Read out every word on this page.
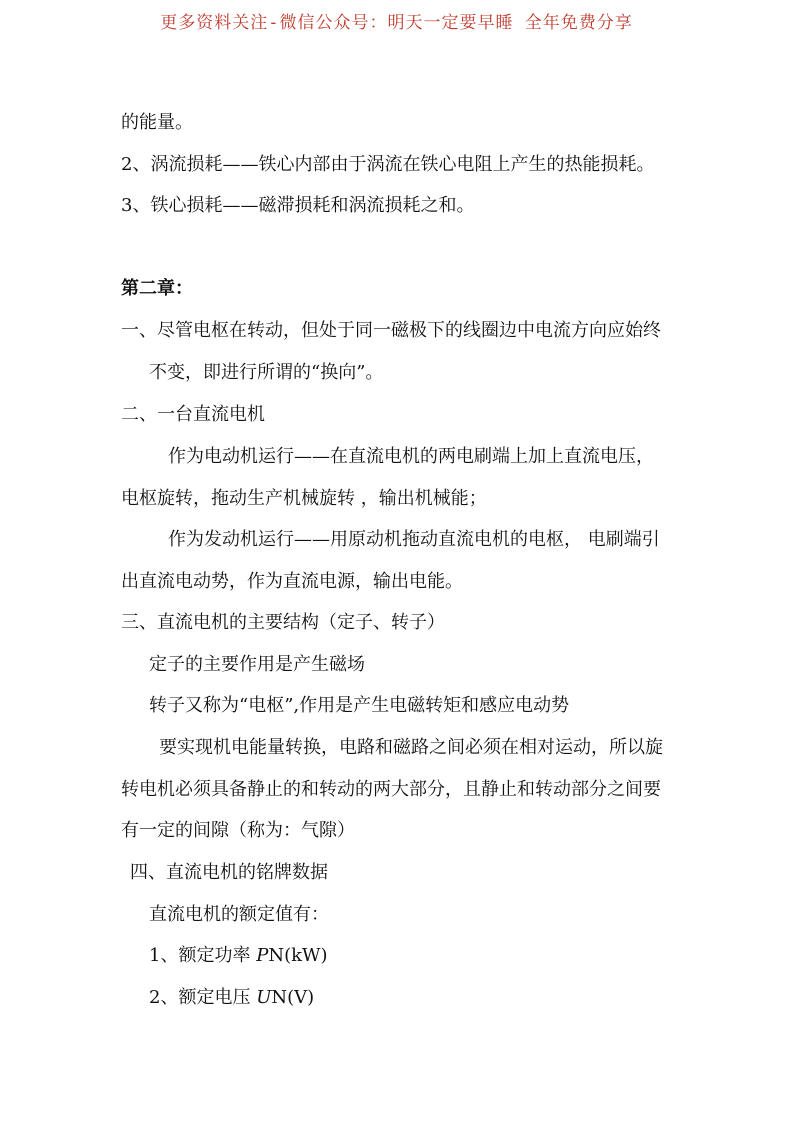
更多资料关注-微信公众号：明天一定要早睡 全年免费分享
的能量。
2、涡流损耗——铁心内部由于涡流在铁心电阻上产生的热能损耗。
3、铁心损耗——磁滞损耗和涡流损耗之和。
第二章：
一、尽管电枢在转动，但处于同一磁极下的线圈边中电流方向应始终
不变，即进行所谓的“换向”。
二、一台直流电机
作为电动机运行——在直流电机的两电刷端上加上直流电压，
电枢旋转，拖动生产机械旋转 ，输出机械能；
作为发动机运行——用原动机拖动直流电机的电枢， 电刷端引
出直流电动势，作为直流电源，输出电能。
三、直流电机的主要结构（定子、转子）
定子的主要作用是产生磁场
转子又称为“电枢”,作用是产生电磁转矩和感应电动势
要实现机电能量转换，电路和磁路之间必须在相对运动，所以旋
转电机必须具备静止的和转动的两大部分，且静止和转动部分之间要
有一定的间隙（称为：气隙）
四、直流电机的铭牌数据
直流电机的额定值有：
1、额定功率 PN(kW)
2、额定电压 UN(V)
